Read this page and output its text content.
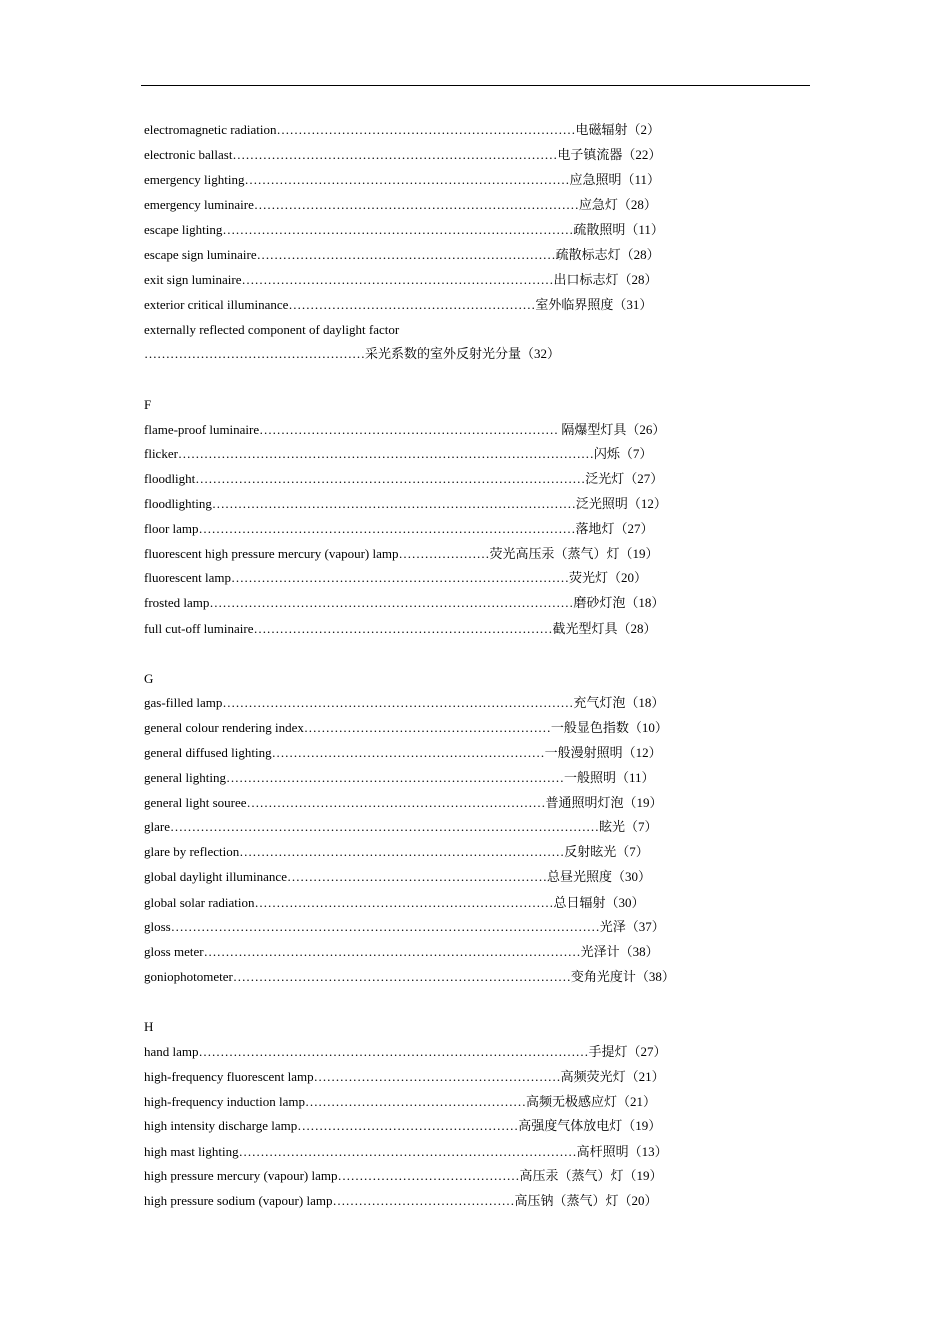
electromagnetic radiation……………………………………………………………电磁辐射（2）
electronic ballast…………………………………………………………………电子镇流器（22）
emergency lighting…………………………………………………………………应急照明（11）
emergency luminaire…………………………………………………………………应急灯（28）
escape lighting………………………………………………………………………疏散照明（11）
escape sign luminaire……………………………………………………………疏散标志灯（28）
exit sign luminaire………………………………………………………………出口标志灯（28）
exterior critical illuminance…………………………………………………室外临界照度（31）
externally reflected component of daylight factor
……………………………………………采光系数的室外反射光分量（32）
F
flame-proof luminaire…………………………………………………………… 隔爆型灯具（26）
flicker……………………………………………………………………………………闪烁（7）
floodlight………………………………………………………………………………泛光灯（27）
floodlighting…………………………………………………………………………泛光照明（12）
floor lamp……………………………………………………………………………落地灯（27）
fluorescent high pressure mercury (vapour) lamp…………………荧光高压汞（蒸气）灯（19）
fluorescent lamp……………………………………………………………………荧光灯（20）
frosted lamp…………………………………………………………………………磨砂灯泡（18）
full cut-off luminaire……………………………………………………………截光型灯具（28）
G
gas-filled lamp………………………………………………………………………充气灯泡（18）
general colour rendering index…………………………………………………一般显色指数（10）
general diffused lighting………………………………………………………一般漫射照明（12）
general lighting……………………………………………………………………一般照明（11）
general light souree……………………………………………………………普通照明灯泡（19）
glare………………………………………………………………………………………眩光（7）
glare by reflection…………………………………………………………………反射眩光（7）
global daylight illuminance……………………………………………………总昼光照度（30）
global solar radiation……………………………………………………………总日辐射（30）
gloss………………………………………………………………………………………光泽（37）
gloss meter……………………………………………………………………………光泽计（38）
goniophotometer……………………………………………………………………变角光度计（38）
H
hand lamp………………………………………………………………………………手提灯（27）
high-frequency fluorescent lamp…………………………………………………高频荧光灯（21）
high-frequency induction lamp……………………………………………高频无极感应灯（21）
high intensity discharge lamp……………………………………………高强度气体放电灯（19）
high mast lighting……………………………………………………………………高杆照明（13）
high pressure mercury (vapour) lamp……………………………………高压汞（蒸气）灯（19）
high pressure sodium (vapour) lamp……………………………………高压钠（蒸气）灯（20）
